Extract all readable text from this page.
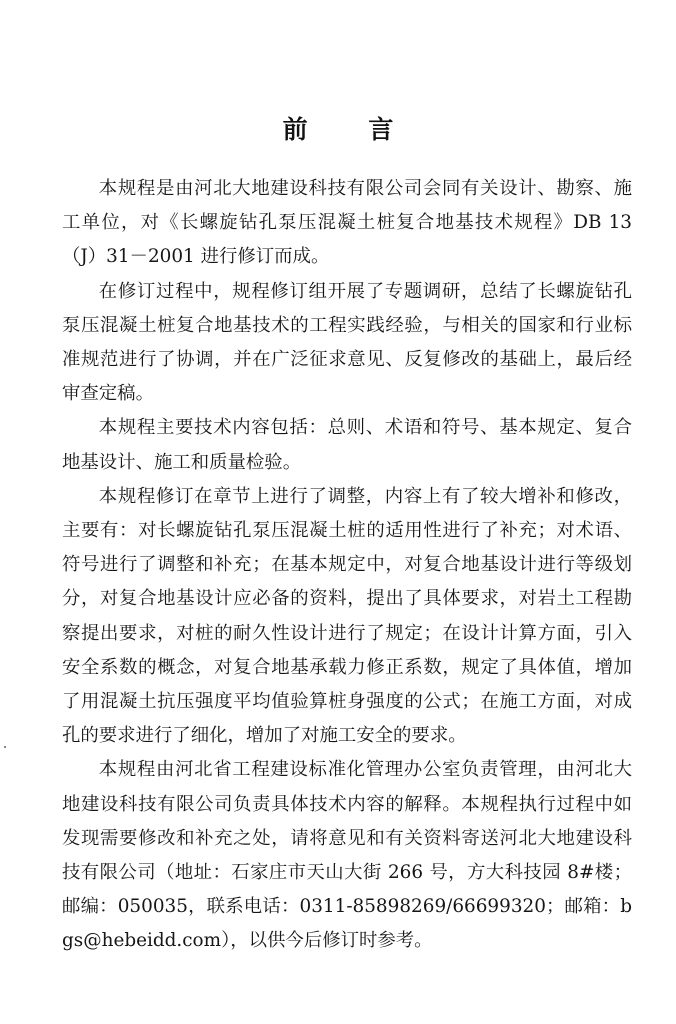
前 言

本规程是由河北大地建设科技有限公司会同有关设计、勘察、施工单位，对《长螺旋钻孔泵压混凝土桩复合地基技术规程》DB 13（J）31－2001 进行修订而成。

在修订过程中，规程修订组开展了专题调研，总结了长螺旋钻孔泵压混凝土桩复合地基技术的工程实践经验，与相关的国家和行业标准规范进行了协调，并在广泛征求意见、反复修改的基础上，最后经审查定稿。

本规程主要技术内容包括：总则、术语和符号、基本规定、复合地基设计、施工和质量检验。

本规程修订在章节上进行了调整，内容上有了较大增补和修改，主要有：对长螺旋钻孔泵压混凝土桩的适用性进行了补充；对术语、符号进行了调整和补充；在基本规定中，对复合地基设计进行等级划分，对复合地基设计应必备的资料，提出了具体要求，对岩土工程勘察提出要求，对桩的耐久性设计进行了规定；在设计计算方面，引入安全系数的概念，对复合地基承载力修正系数，规定了具体值，增加了用混凝土抗压强度平均值验算桩身强度的公式；在施工方面，对成孔的要求进行了细化，增加了对施工安全的要求。

本规程由河北省工程建设标准化管理办公室负责管理，由河北大地建设科技有限公司负责具体技术内容的解释。本规程执行过程中如发现需要修改和补充之处，请将意见和有关资料寄送河北大地建设科技有限公司（地址：石家庄市天山大街 266 号，方大科技园 8#楼；邮编：050035，联系电话：0311-85898269/66699320；邮箱：bgs@hebeidd.com），以供今后修订时参考。
